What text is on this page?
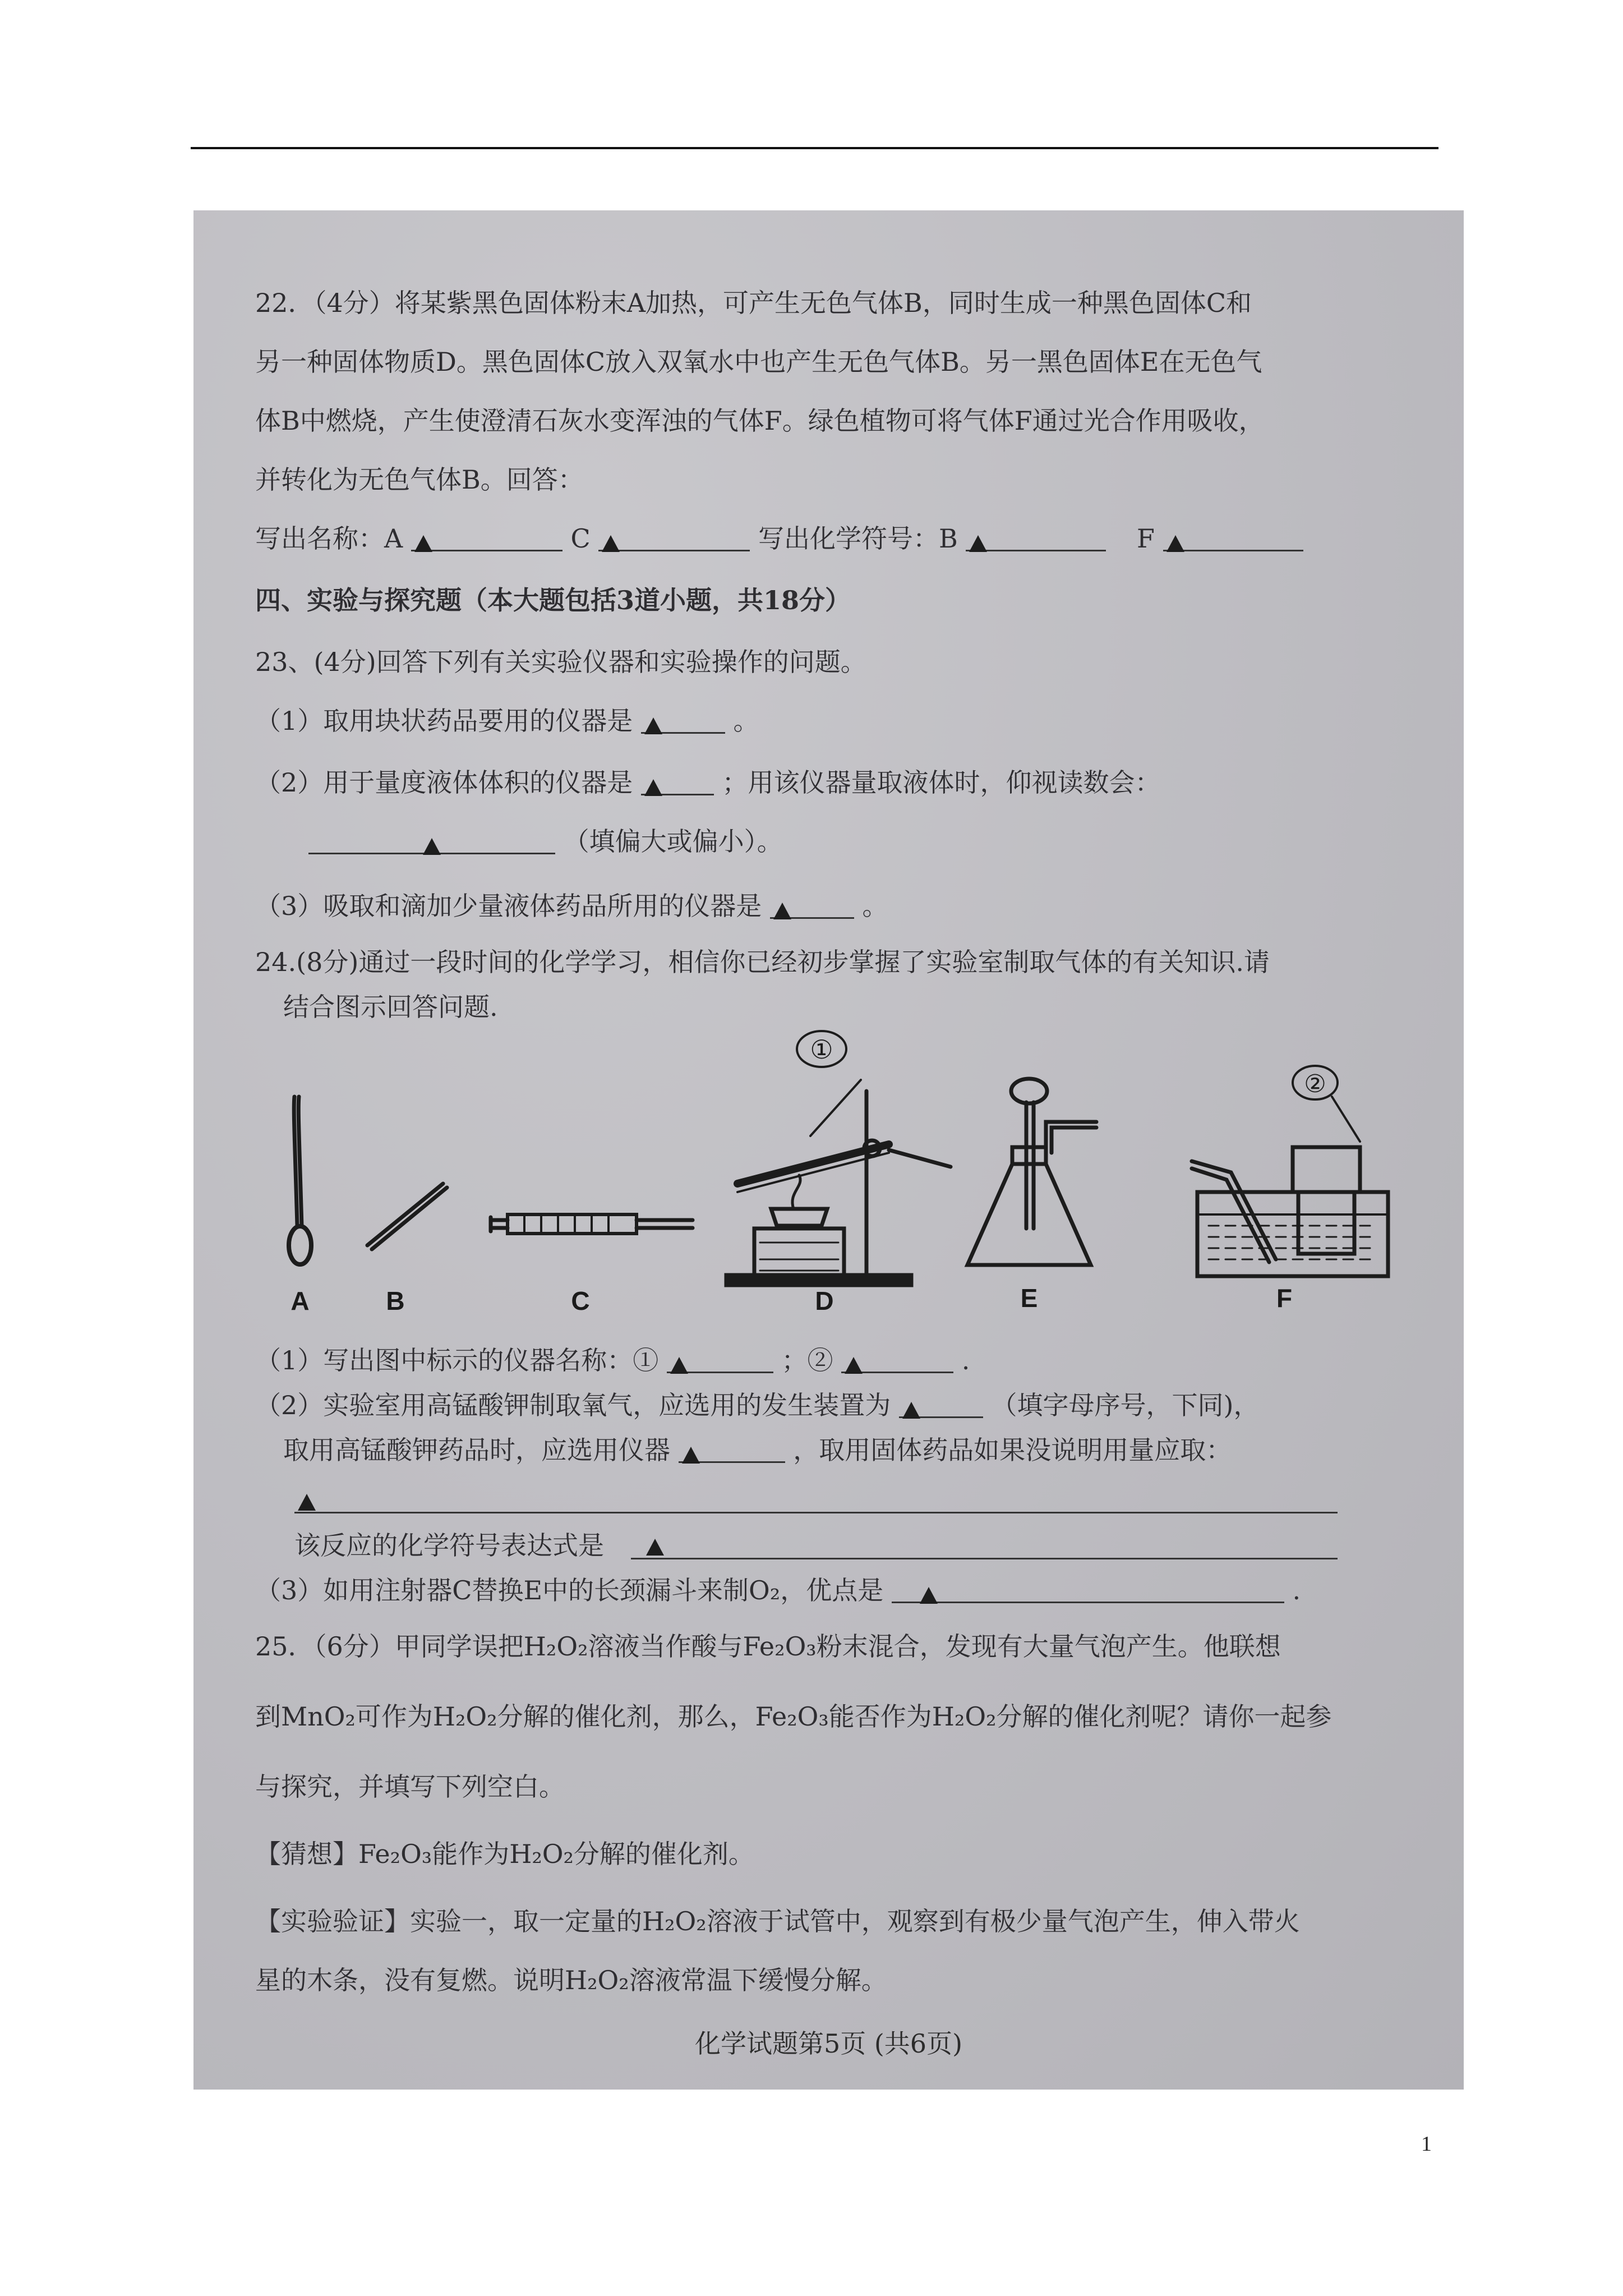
22．（4分）将某紫黑色固体粉末A加热，可产生无色气体B，同时生成一种黑色固体C和
另一种固体物质D。黑色固体C放入双氧水中也产生无色气体B。另一黑色固体E在无色气
体B中燃烧，产生使澄清石灰水变浑浊的气体F。绿色植物可将气体F通过光合作用吸收，
并转化为无色气体B。回答：
写出名称：A	C	写出化学符号：B	F
四、实验与探究题（本大题包括3道小题，共18分）
23、(4分)回答下列有关实验仪器和实验操作的问题。
（1）取用块状药品要用的仪器是	。
（2）用于量度液体体积的仪器是	；用该仪器量取液体时，仰视读数会：
（填偏大或偏小）。
（3）吸取和滴加少量液体药品所用的仪器是	。
24.(8分)通过一段时间的化学学习，相信你已经初步掌握了实验室制取气体的有关知识.请
结合图示回答问题.
①
②
A	B	C	D	E	F
（1）写出图中标示的仪器名称：①	；②	.
（2）实验室用高锰酸钾制取氧气，应选用的发生装置为	（填字母序号，下同)，
取用高锰酸钾药品时，应选用仪器	，取用固体药品如果没说明用量应取：
该反应的化学符号表达式是
（3）如用注射器C替换E中的长颈漏斗来制O₂，优点是	.
25．（6分）甲同学误把H₂O₂溶液当作酸与Fe₂O₃粉末混合，发现有大量气泡产生。他联想
到MnO₂可作为H₂O₂分解的催化剂，那么，Fe₂O₃能否作为H₂O₂分解的催化剂呢？请你一起参
与探究，并填写下列空白。
【猜想】Fe₂O₃能作为H₂O₂分解的催化剂。
【实验验证】实验一，取一定量的H₂O₂溶液于试管中，观察到有极少量气泡产生，伸入带火
星的木条，没有复燃。说明H₂O₂溶液常温下缓慢分解。
化学试题第5页 (共6页)
1
